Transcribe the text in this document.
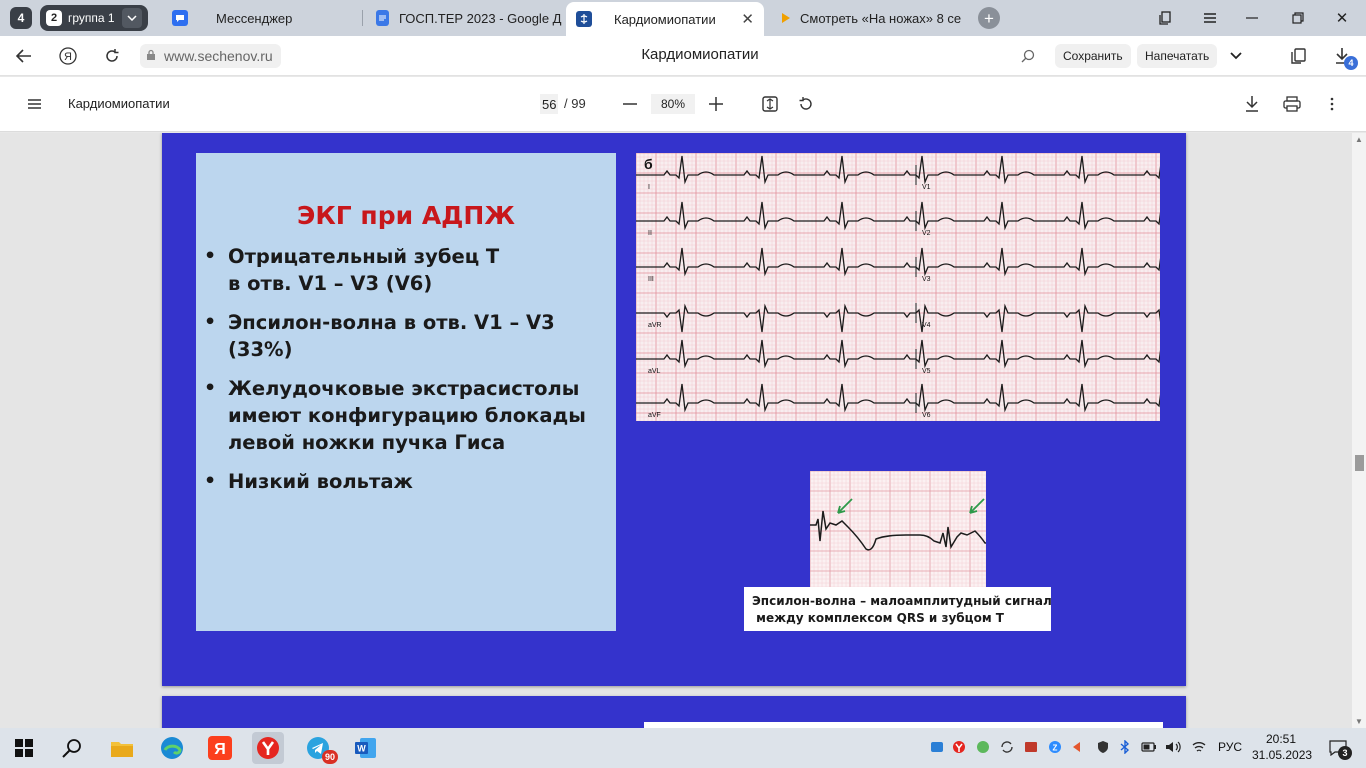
4	2 группа 1	Мессенджер	ГОСП.ТЕР 2023 - Google Д	Кардиомиопатии ✕	Смотреть «На ножах» 8 се	+	✕
Я	www.sechenov.ru	Кардиомиопатии	Сохранить	Напечатать	4
Кардиомиопатии	56 / 99	80%
ЭКГ при АДПЖ
• Отрицательный зубец Т
в отв. V1 – V3 (V6)
• Эпсилон-волна в отв. V1 – V3
(33%)
• Желудочковые экстрасистолы
имеют конфигурацию блокады
левой ножки пучка Гиса
• Низкий вольтаж
I	V1
II	V2
III	V3
aVR	V4
aVL	V5
aVF	V6
б
Эпсилон-волна – малоамплитудный сигнал
между комплексом QRS и зубцом Т
▲
▼
Я	90
W	Z	РУС
20:51
31.05.2023	3
